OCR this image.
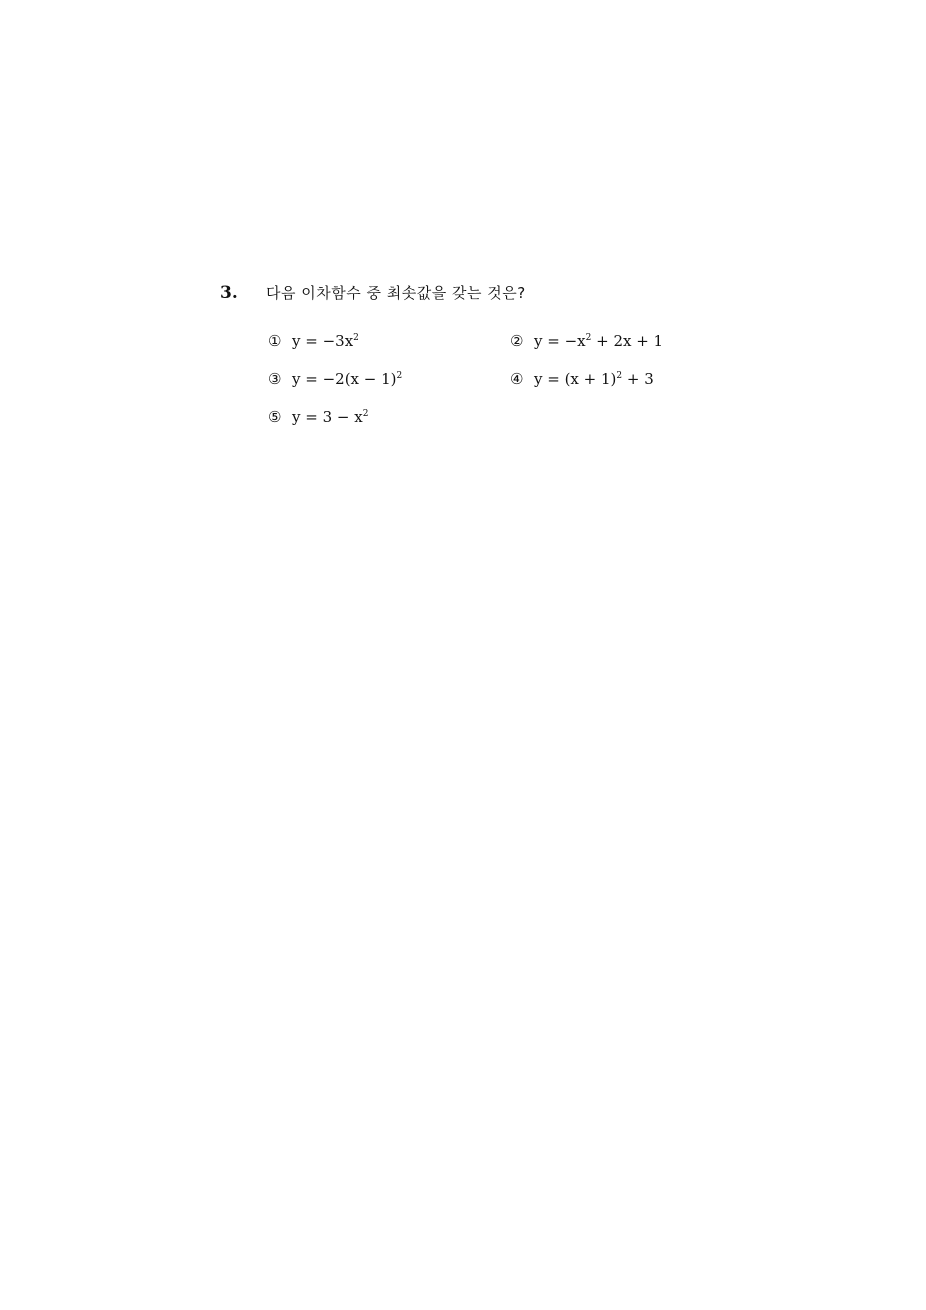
3.	다음 이차함수 중 최솟값을 갖는 것은?
① $y = -3x^2$	② $y = -x^2 + 2x + 1$
③ $y = -2(x - 1)^2$	④ $y = (x + 1)^2 + 3$
⑤ $y = 3 - x^2$
